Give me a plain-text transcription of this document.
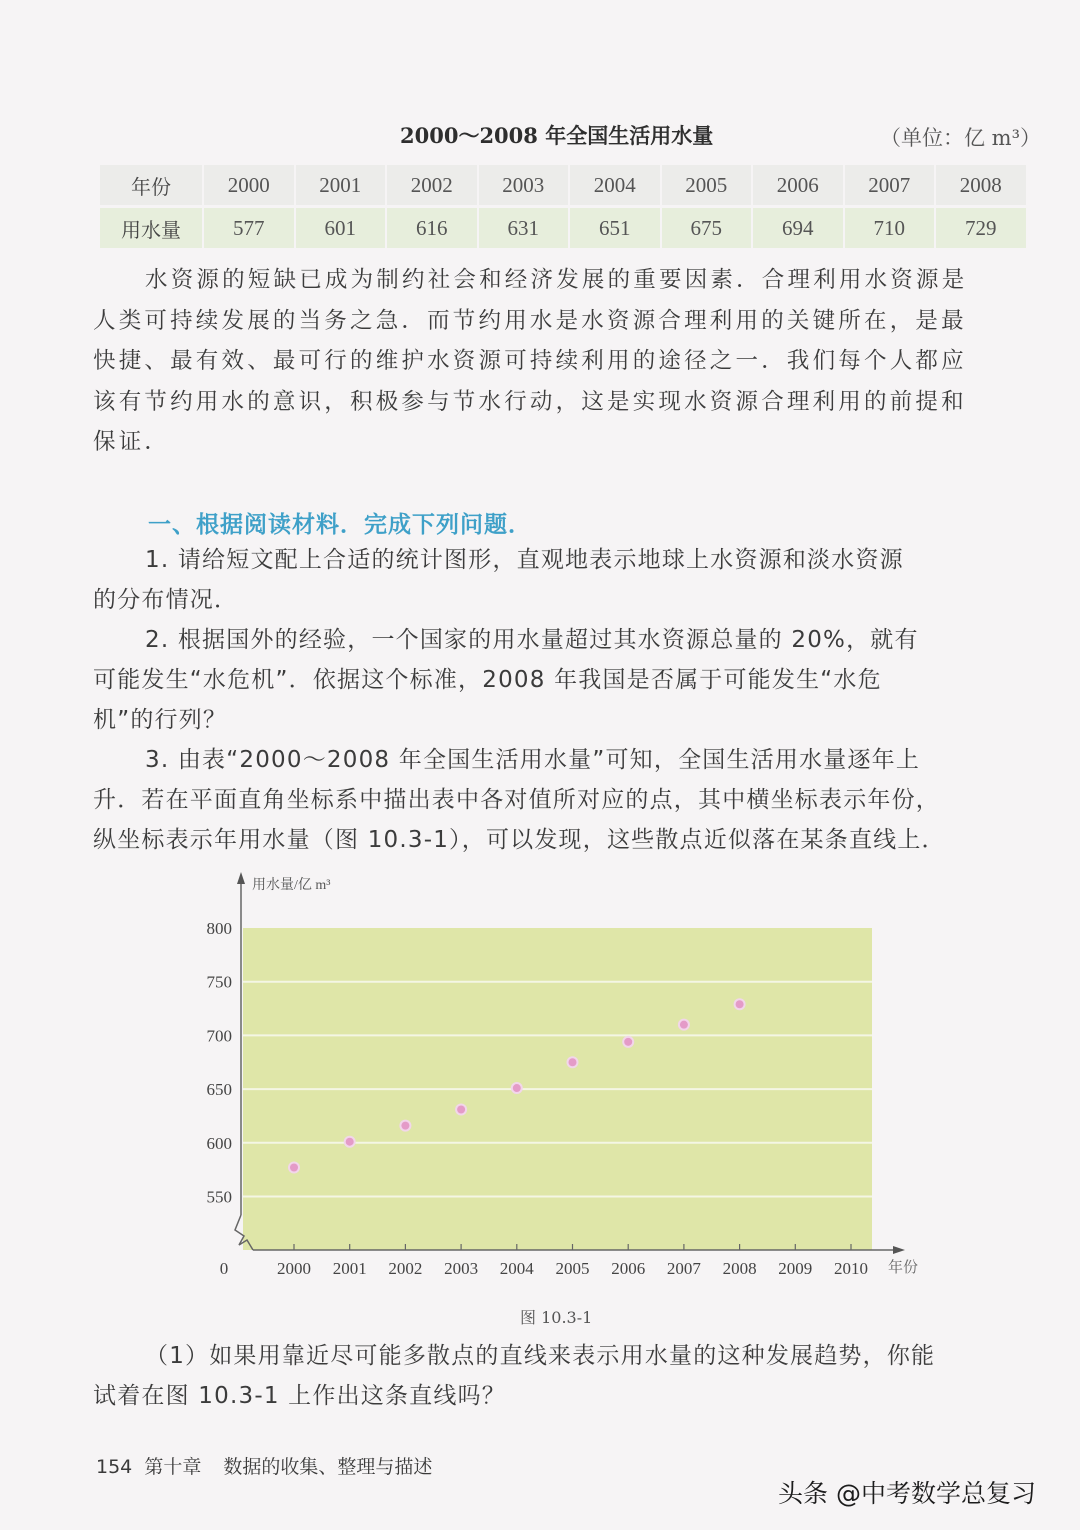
2000～2008 年全国生活用水量	（单位：亿 m³）
年份	2000	2001	2002	2003	2004	2005	2006	2007	2008
用水量	577	601	616	631	651	675	694	710	729

水资源的短缺已成为制约社会和经济发展的重要因素．合理利用水资源是

人类可持续发展的当务之急．而节约用水是水资源合理利用的关键所在，是最

快捷、最有效、最可行的维护水资源可持续利用的途径之一．我们每个人都应

该有节约用水的意识，积极参与节水行动，这是实现水资源合理利用的前提和

保证．

一、根据阅读材料．完成下列问题．

1. 请给短文配上合适的统计图形，直观地表示地球上水资源和淡水资源

的分布情况．

2. 根据国外的经验，一个国家的用水量超过其水资源总量的 20%，就有

可能发生“水危机”．依据这个标准，2008 年我国是否属于可能发生“水危

机”的行列？

3. 由表“2000～2008 年全国生活用水量”可知，全国生活用水量逐年上

升．若在平面直角坐标系中描出表中各对值所对应的点，其中横坐标表示年份，

纵坐标表示年用水量（图 10.3-1），可以发现，这些散点近似落在某条直线上．

2000 2001 2002 2003 2004 2005 2006 2007 2008 2009 2010 年份
550
600
650
700
750
800
用水量/亿 m³
0
图 10.3-1

（1）如果用靠近尽可能多散点的直线来表示用水量的这种发展趋势，你能

试着在图 10.3-1 上作出这条直线吗？

154 第十章 数据的收集、整理与描述
头条 @中考数学总复习
